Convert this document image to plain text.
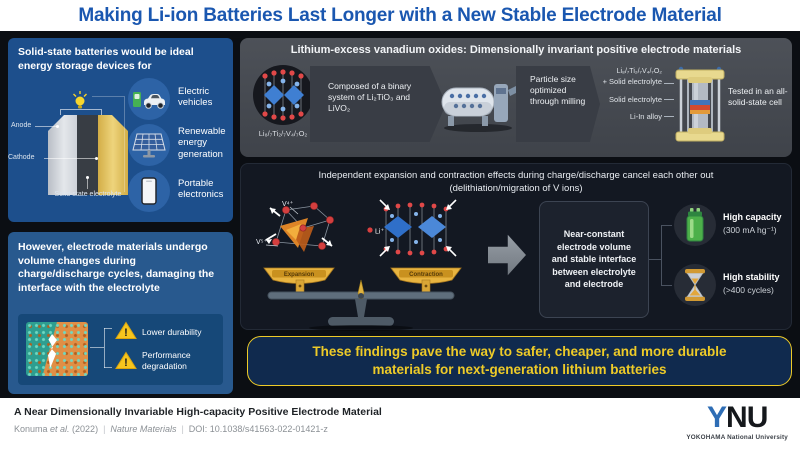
Making Li-ion Batteries Last Longer with a New Stable Electrode Material
Solid-state batteries would be ideal energy storage devices for
Anode
Cathode
Solid-state electrolyte
Electric vehicles
Renewable energy generation
Portable electronics
However, electrode materials undergo volume changes during charge/discharge cycles, damaging the interface with the electrolyte
! Lower durability
!
Performance degradation
Lithium-excess vanadium oxides: Dimensionally invariant positive electrode materials
Li₈/₇Ti₂/₇V₄/₇O₂
Composed of a binary system of Li₂TiO₃ and LiVO₂
Particle size optimized through milling
Li₈/₇Ti₂/₇V₄/₇O₂
+ Solid electrolyte
Solid electrolyte
Li-In alloy
Tested in an all-solid-state cell
Independent expansion and contraction effects during charge/discharge cancel each other out
(delithiation/migration of V ions)
V⁴⁺
V⁵⁺
Li⁺
Expansion	Contraction
Near-constant electrode volume and stable interface between electrolyte and electrode
High capacity
(300 mA hg⁻¹)
High stability
(>400 cycles)
These findings pave the way to safer, cheaper, and more durable materials for next-generation lithium batteries
A Near Dimensionally Invariable High-capacity Positive Electrode Material
Konuma et al. (2022) | Nature Materials | DOI: 10.1038/s41563-022-01421-z	YNU
YOKOHAMA National University
